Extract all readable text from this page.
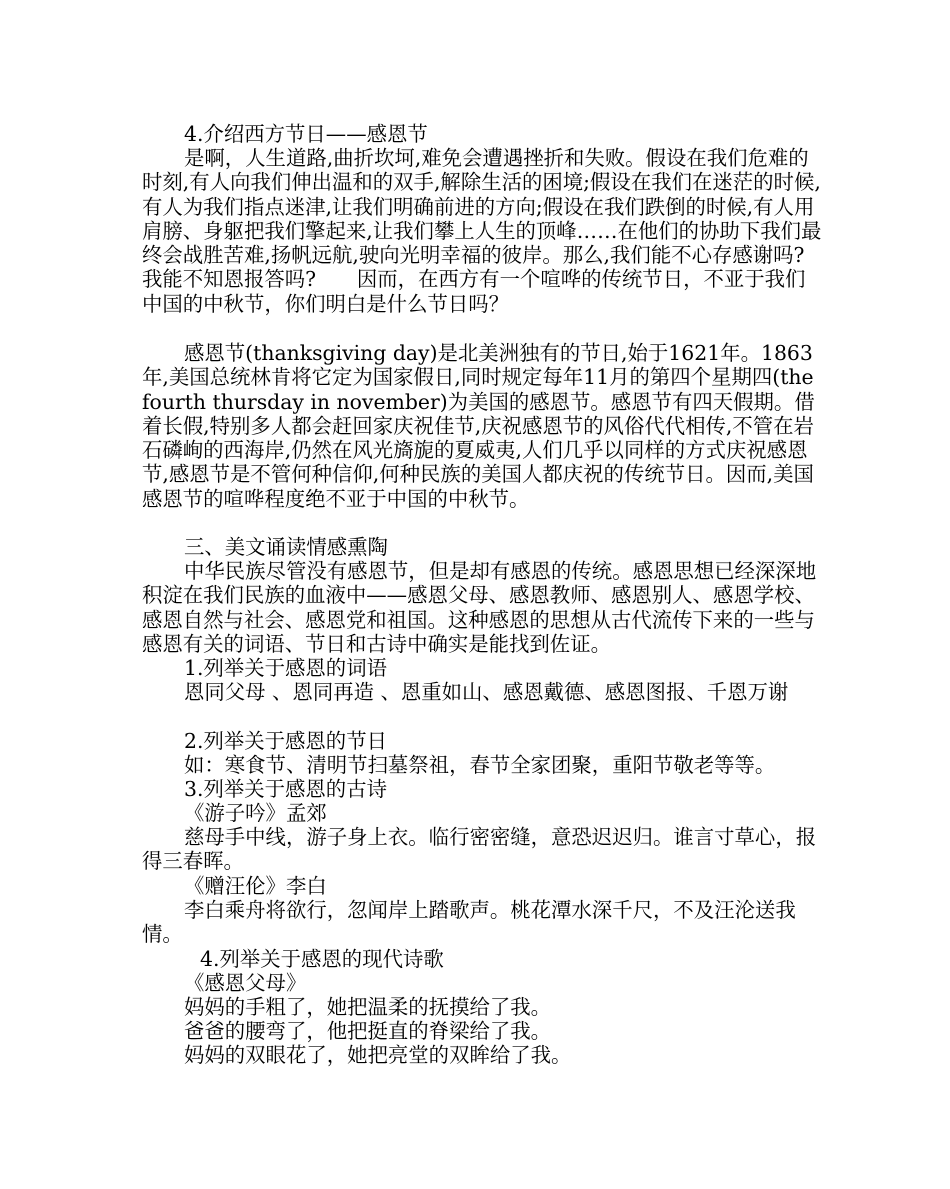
4.介绍西方节日——感恩节
是啊，人生道路,曲折坎坷,难免会遭遇挫折和失败。假设在我们危难的时刻,有人向我们伸出温和的双手,解除生活的困境;假设在我们在迷茫的时候,有人为我们指点迷津,让我们明确前进的方向;假设在我们跌倒的时候,有人用肩膀、身躯把我们擎起来,让我们攀上人生的顶峰……在他们的协助下我们最终会战胜苦难,扬帆远航,驶向光明幸福的彼岸。那么,我们能不心存感谢吗?我能不知恩报答吗?　　因而，在西方有一个喧哗的传统节日，不亚于我们中国的中秋节，你们明白是什么节日吗？
感恩节(thanksgiving day)是北美洲独有的节日,始于1621年。1863年,美国总统林肯将它定为国家假日,同时规定每年11月的第四个星期四(the fourth thursday in november)为美国的感恩节。感恩节有四天假期。借着长假,特别多人都会赶回家庆祝佳节,庆祝感恩节的风俗代代相传,不管在岩石磷峋的西海岸,仍然在风光旖旎的夏威夷,人们几乎以同样的方式庆祝感恩节,感恩节是不管何种信仰,何种民族的美国人都庆祝的传统节日。因而,美国感恩节的喧哗程度绝不亚于中国的中秋节。
三、美文诵读情感熏陶
中华民族尽管没有感恩节，但是却有感恩的传统。感恩思想已经深深地积淀在我们民族的血液中——感恩父母、感恩教师、感恩别人、感恩学校、感恩自然与社会、感恩党和祖国。这种感恩的思想从古代流传下来的一些与感恩有关的词语、节日和古诗中确实是能找到佐证。
1.列举关于感恩的词语
恩同父母 、恩同再造 、恩重如山、感恩戴德、感恩图报、千恩万谢
2.列举关于感恩的节日
如：寒食节、清明节扫墓祭祖，春节全家团聚，重阳节敬老等等。
3.列举关于感恩的古诗
《游子吟》孟郊
慈母手中线，游子身上衣。临行密密缝，意恐迟迟归。谁言寸草心，报得三春晖。
《赠汪伦》李白
李白乘舟将欲行，忽闻岸上踏歌声。桃花潭水深千尺，不及汪沦送我情。
4.列举关于感恩的现代诗歌
《感恩父母》
妈妈的手粗了，她把温柔的抚摸给了我。
爸爸的腰弯了，他把挺直的脊梁给了我。
妈妈的双眼花了，她把亮堂的双眸给了我。
